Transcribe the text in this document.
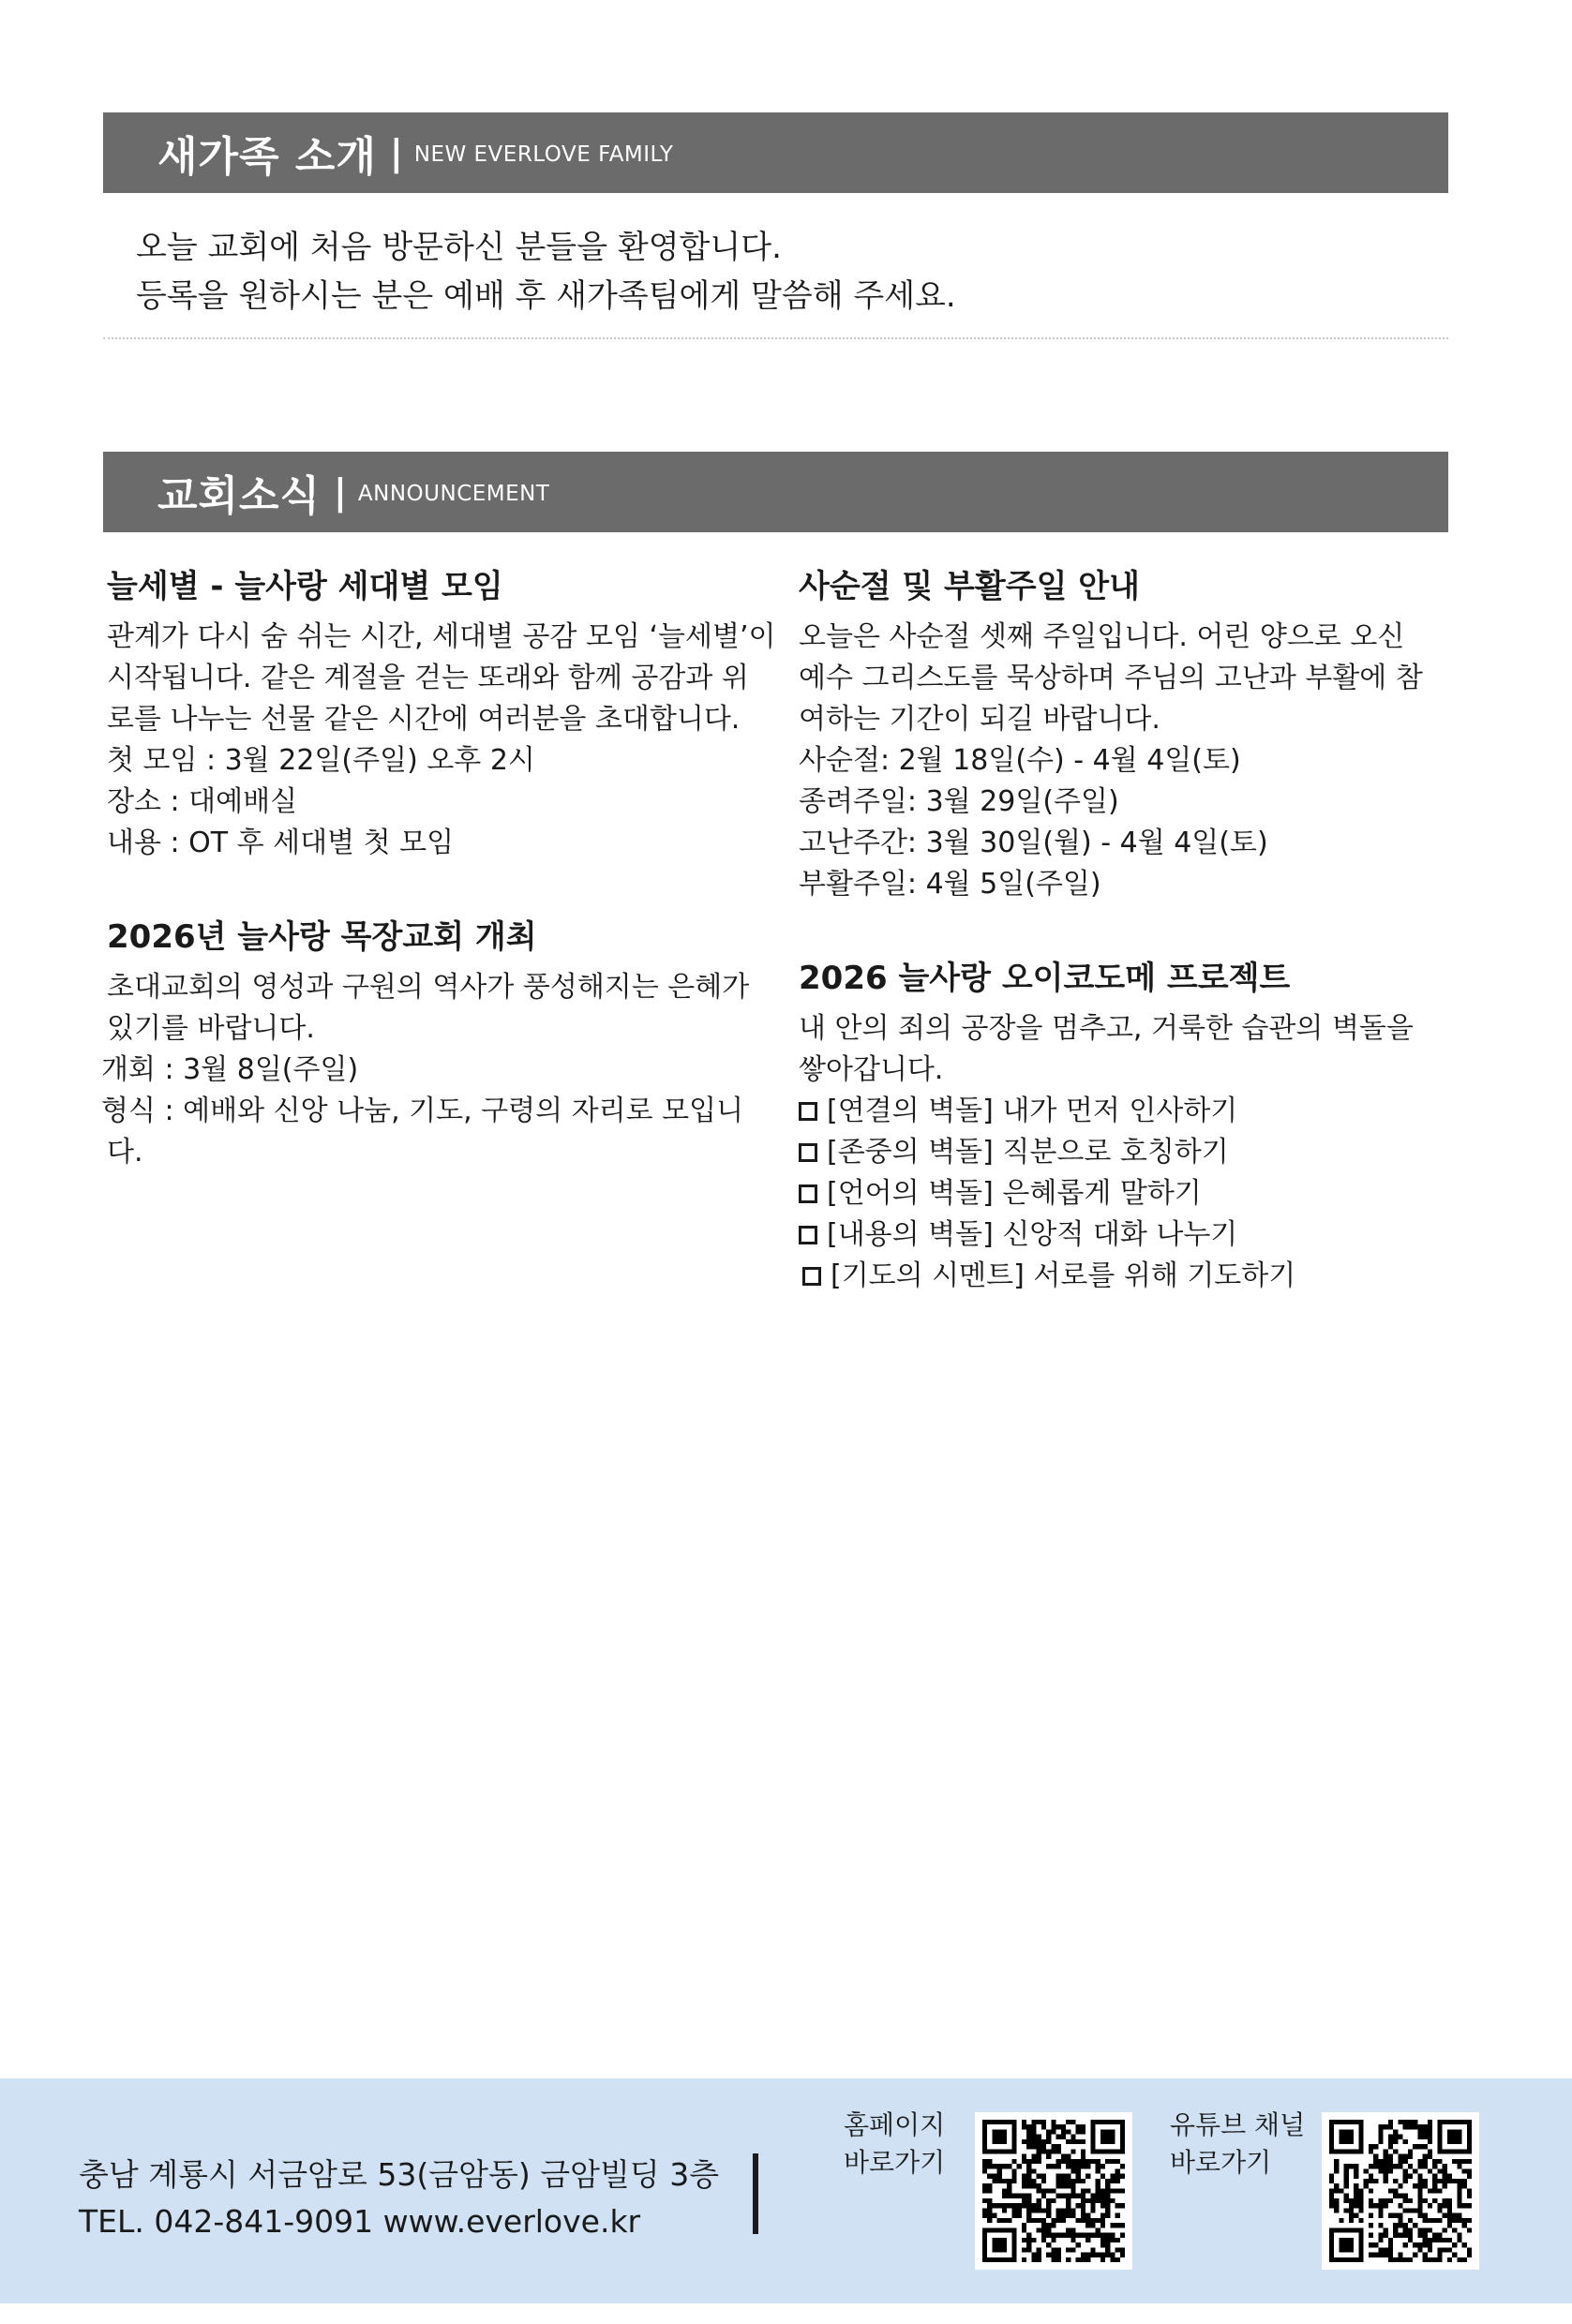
새가족 소개 | NEW EVERLOVE FAMILY
오늘 교회에 처음 방문하신 분들을 환영합니다.
등록을 원하시는 분은 예배 후 새가족팀에게 말씀해 주세요.
교회소식 | ANNOUNCEMENT
늘세별 - 늘사랑 세대별 모임
관계가 다시 숨 쉬는 시간, 세대별 공감 모임 ‘늘세별’이
시작됩니다. 같은 계절을 걷는 또래와 함께 공감과 위
로를 나누는 선물 같은 시간에 여러분을 초대합니다.
첫 모임 : 3월 22일(주일) 오후 2시
장소 : 대예배실
내용 : OT 후 세대별 첫 모임
2026년 늘사랑 목장교회 개최
초대교회의 영성과 구원의 역사가 풍성해지는 은혜가
있기를 바랍니다.
개회 : 3월 8일(주일)
형식 : 예배와 신앙 나눔, 기도, 구령의 자리로 모입니
다.
사순절 및 부활주일 안내
오늘은 사순절 셋째 주일입니다. 어린 양으로 오신
예수 그리스도를 묵상하며 주님의 고난과 부활에 참
여하는 기간이 되길 바랍니다.
사순절: 2월 18일(수) - 4월 4일(토)
종려주일: 3월 29일(주일)
고난주간: 3월 30일(월) - 4월 4일(토)
부활주일: 4월 5일(주일)
2026 늘사랑 오이코도메 프로젝트
내 안의 죄의 공장을 멈추고, 거룩한 습관의 벽돌을
쌓아갑니다.
[연결의 벽돌] 내가 먼저 인사하기
[존중의 벽돌] 직분으로 호칭하기
[언어의 벽돌] 은혜롭게 말하기
[내용의 벽돌] 신앙적 대화 나누기
[기도의 시멘트] 서로를 위해 기도하기
충남 계룡시 서금암로 53(금암동) 금암빌딩 3층
TEL. 042-841-9091 www.everlove.kr
홈페이지
바로가기
유튜브 채널
바로가기
